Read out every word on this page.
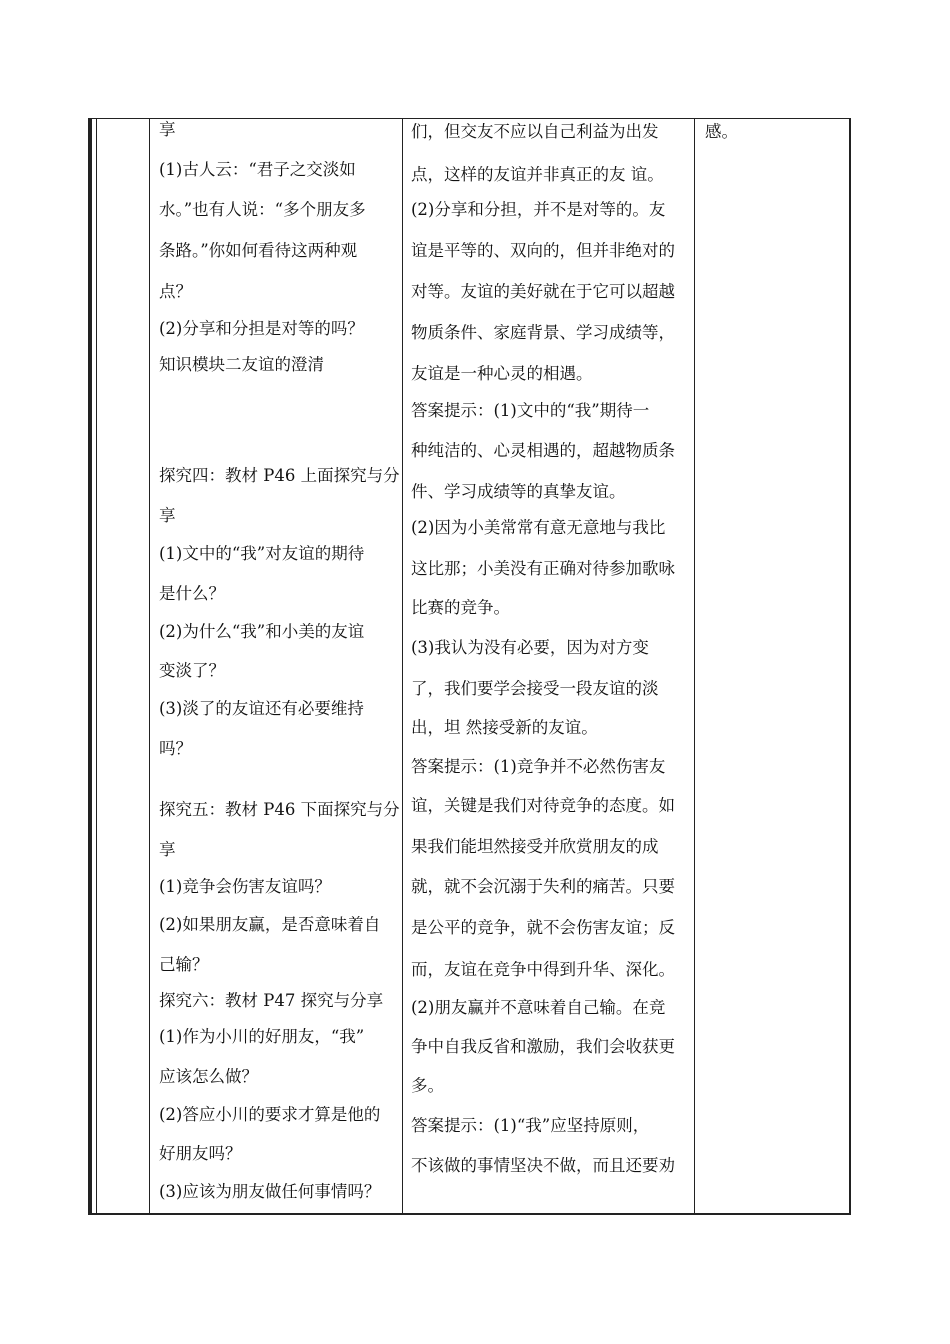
享
(1)古人云：“君子之交淡如
水。”也有人说：“多个朋友多
条路。”你如何看待这两种观
点？
(2)分享和分担是对等的吗？
知识模块二友谊的澄清
探究四：教材 P46 上面探究与分
享
(1)文中的“我”对友谊的期待
是什么？
(2)为什么“我”和小美的友谊
变淡了？
(3)淡了的友谊还有必要维持
吗？
探究五：教材 P46 下面探究与分
享
(1)竞争会伤害友谊吗？
(2)如果朋友赢，是否意味着自
己输？
探究六：教材 P47 探究与分享
(1)作为小川的好朋友，“我”
应该怎么做？
(2)答应小川的要求才算是他的
好朋友吗？
(3)应该为朋友做任何事情吗？
们，但交友不应以自己利益为出发
点，这样的友谊并非真正的友 谊。
(2)分享和分担，并不是对等的。友
谊是平等的、双向的，但并非绝对的
对等。友谊的美好就在于它可以超越
物质条件、家庭背景、学习成绩等，
友谊是一种心灵的相遇。
答案提示：(1)文中的“我”期待一
种纯洁的、心灵相遇的，超越物质条
件、学习成绩等的真挚友谊。
(2)因为小美常常有意无意地与我比
这比那；小美没有正确对待参加歌咏
比赛的竞争。
(3)我认为没有必要，因为对方变
了，我们要学会接受一段友谊的淡
出，坦 然接受新的友谊。
答案提示：(1)竞争并不必然伤害友
谊，关键是我们对待竞争的态度。如
果我们能坦然接受并欣赏朋友的成
就，就不会沉溺于失利的痛苦。只要
是公平的竞争，就不会伤害友谊；反
而，友谊在竞争中得到升华、深化。
(2)朋友赢并不意味着自己输。在竞
争中自我反省和激励，我们会收获更
多。
答案提示：(1)“我”应坚持原则，
不该做的事情坚决不做，而且还要劝
感。
